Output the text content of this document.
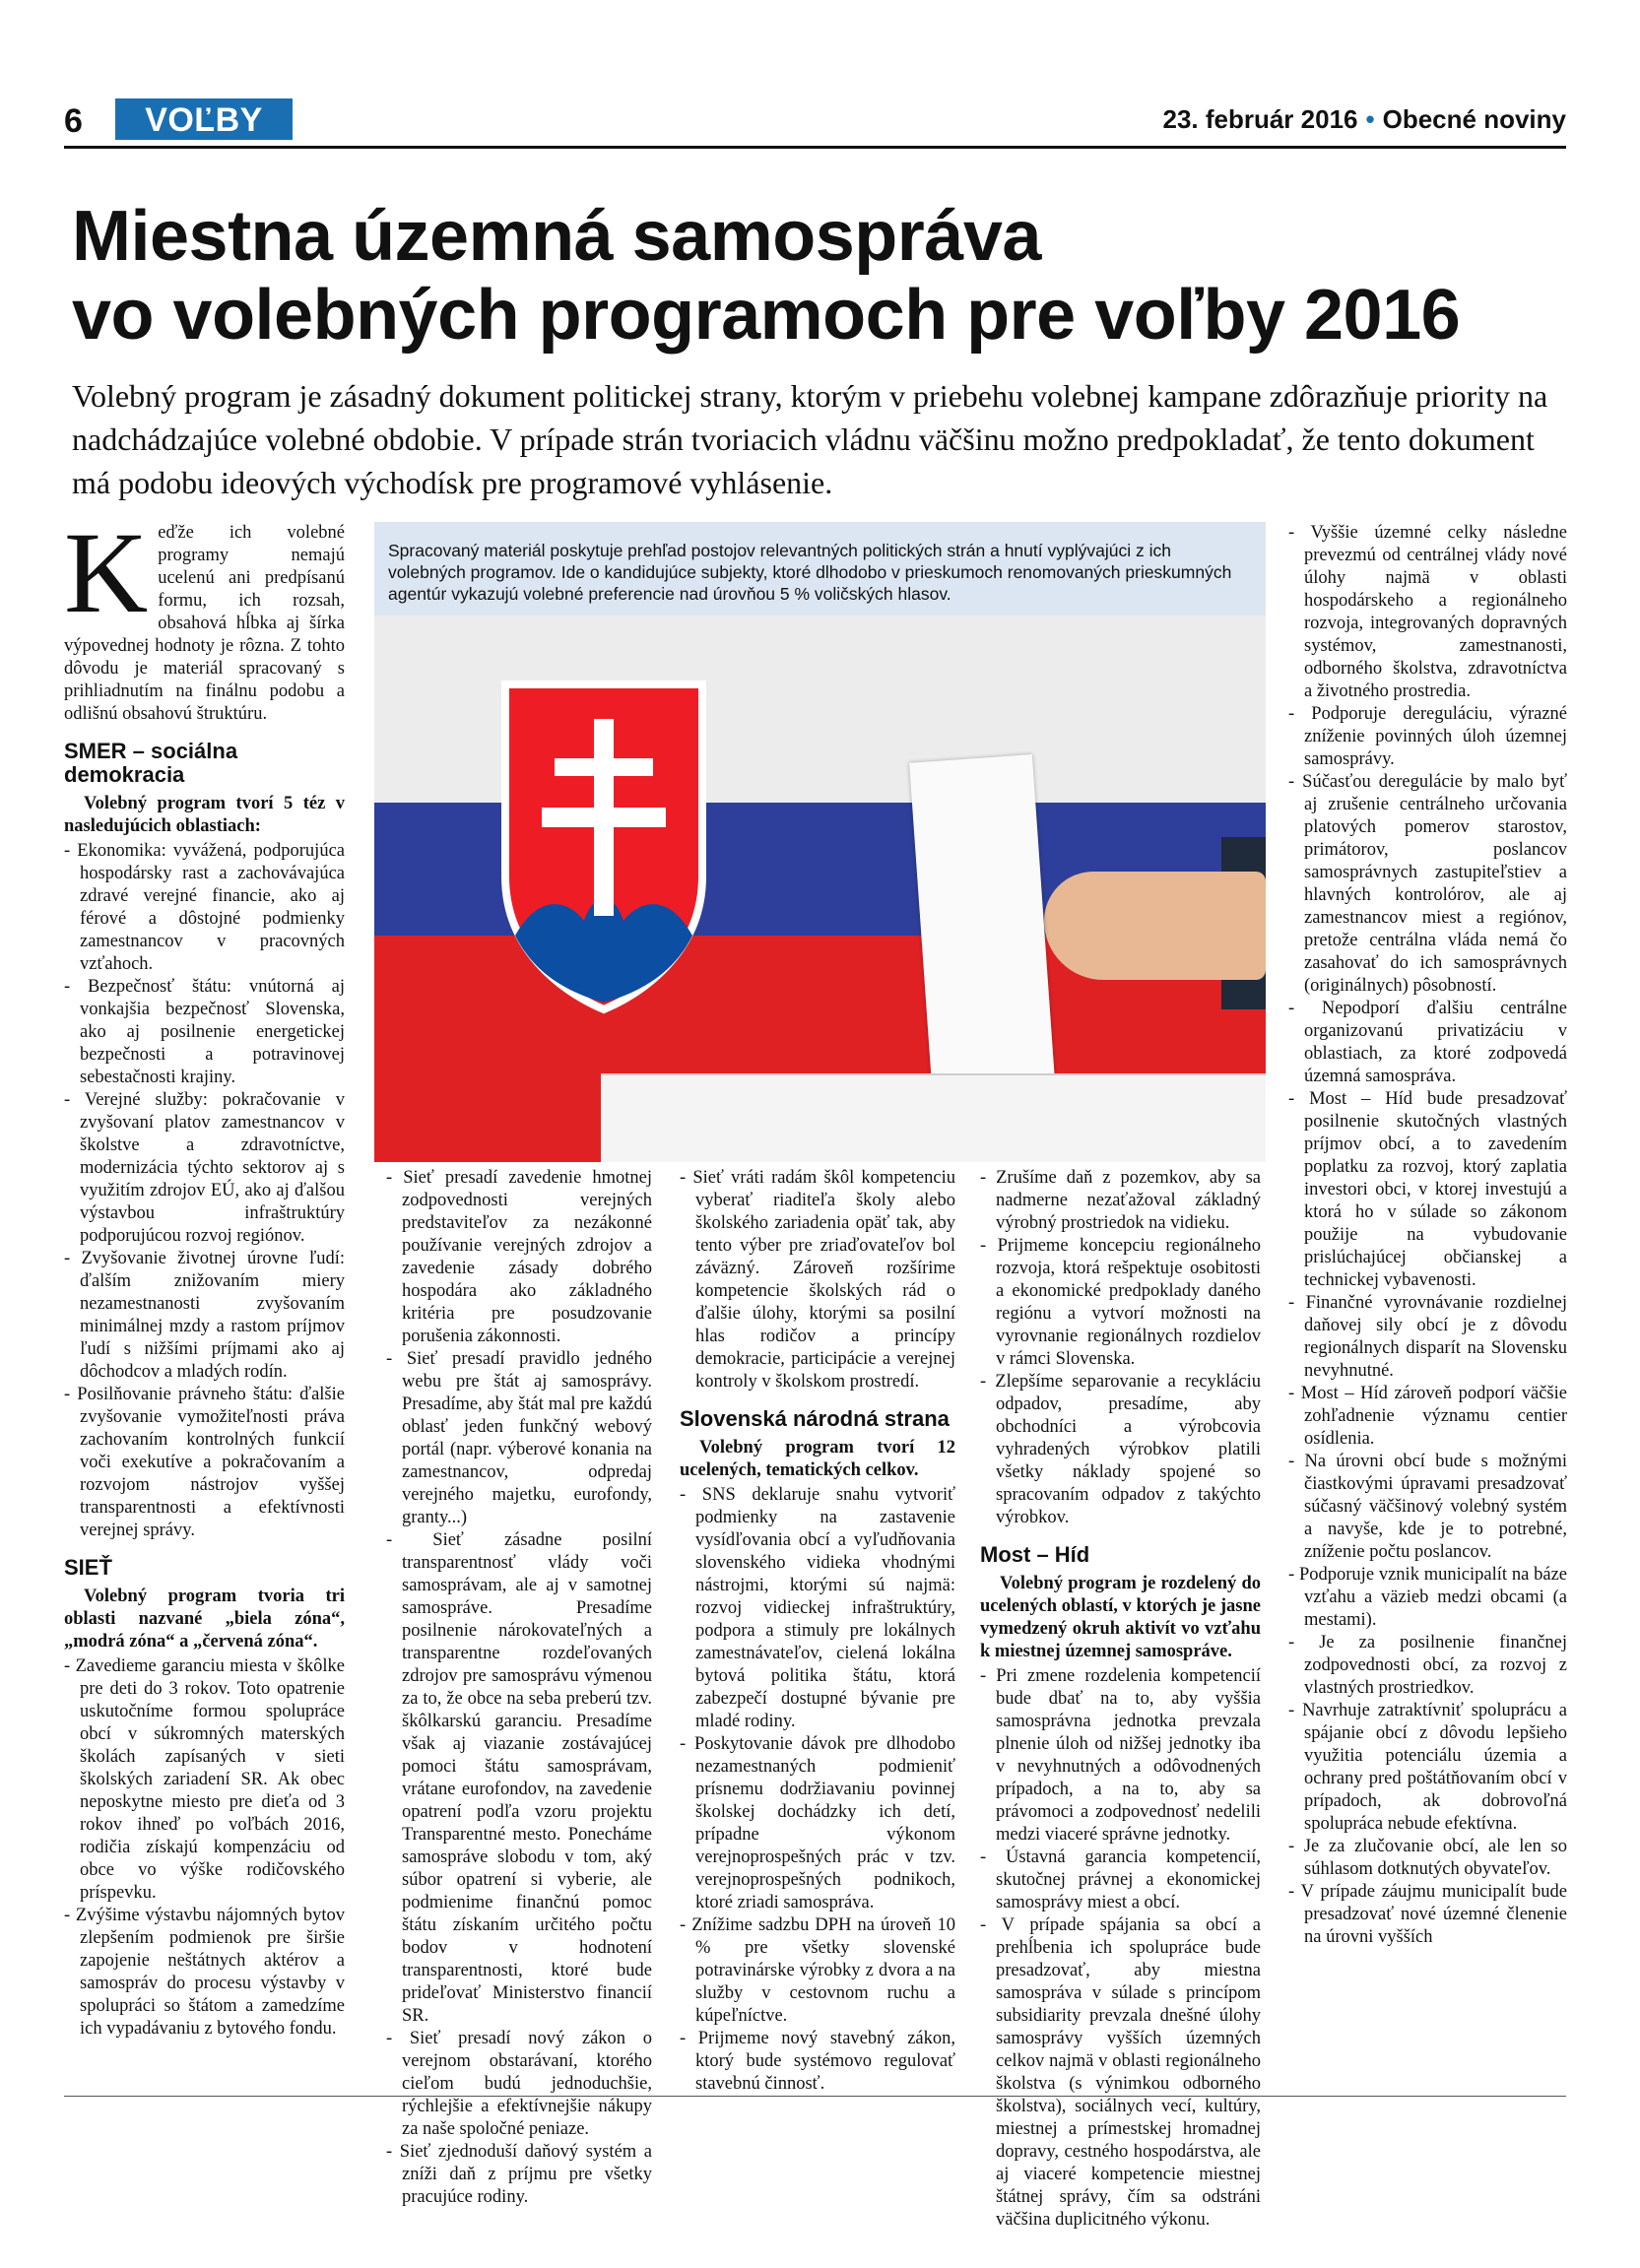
6	VOĽBY	23. február 2016 • Obecné noviny
Miestna územná samospráva
vo volebných programoch pre voľby 2016
Volebný program je zásadný dokument politickej strany, ktorým v priebehu volebnej kampane zdôrazňuje priority na nadchádzajúce volebné obdobie. V prípade strán tvoriacich vládnu väčšinu možno predpokladať, že tento dokument má podobu ideových východísk pre programové vyhlásenie.

Keďže ich volebné programy nemajú ucelenú ani predpísanú formu, ich rozsah, obsahová hĺbka aj šírka výpovednej hodnoty je rôzna. Z tohto dôvodu je materiál spracovaný s prihliadnutím na finálnu podobu a odlišnú obsahovú štruktúru.

SMER – sociálna demokracia

Volebný program tvorí 5 téz v nasledujúcich oblastiach:

- Ekonomika: vyvážená, podporujúca hospodársky rast a zachovávajúca zdravé verejné financie, ako aj férové a dôstojné podmienky zamestnancov v pracovných vzťahoch.
- Bezpečnosť štátu: vnútorná aj vonkajšia bezpečnosť Slovenska, ako aj posilnenie energetickej bezpečnosti a potravinovej sebestačnosti krajiny.
- Verejné služby: pokračovanie v zvyšovaní platov zamestnancov v školstve a zdravotníctve, modernizácia týchto sektorov aj s využitím zdrojov EÚ, ako aj ďalšou výstavbou infraštruktúry podporujúcou rozvoj regiónov.
- Zvyšovanie životnej úrovne ľudí: ďalším znižovaním miery nezamestnanosti zvyšovaním minimálnej mzdy a rastom príjmov ľudí s nižšími príjmami ako aj dôchodcov a mladých rodín.
- Posilňovanie právneho štátu: ďalšie zvyšovanie vymožiteľnosti práva zachovaním kontrolných funkcií voči exekutíve a pokračovaním a rozvojom nástrojov vyššej transparentnosti a efektívnosti verejnej správy.
SIEŤ

Volebný program tvoria tri oblasti nazvané „biela zóna“, „modrá zóna“ a „červená zóna“.

- Zavedieme garanciu miesta v škôlke pre deti do 3 rokov. Toto opatrenie uskutočníme formou spolupráce obcí v súkromných materských školách zapísaných v sieti školských zariadení SR. Ak obec neposkytne miesto pre dieťa od 3 rokov ihneď po voľbách 2016, rodičia získajú kompenzáciu od obce vo výške rodičovského príspevku.
- Zvýšime výstavbu nájomných bytov zlepšením podmienok pre širšie zapojenie neštátnych aktérov a samospráv do procesu výstavby v spolupráci so štátom a zamedzíme ich vypadávaniu z bytového fondu.
Spracovaný materiál poskytuje prehľad postojov relevantných politických strán a hnutí vyplývajúci z ich volebných programov. Ide o kandidujúce subjekty, ktoré dlhodobo v prieskumoch renomovaných prieskumných agentúr vykazujú volebné preferencie nad úrovňou 5 % voličských hlasov.
- Sieť presadí zavedenie hmotnej zodpovednosti verejných predstaviteľov za nezákonné používanie verejných zdrojov a zavedenie zásady dobrého hospodára ako základného kritéria pre posudzovanie porušenia zákonnosti.
- Sieť presadí pravidlo jedného webu pre štát aj samosprávy. Presadíme, aby štát mal pre každú oblasť jeden funkčný webový portál (napr. výberové konania na zamestnancov, odpredaj verejného majetku, eurofondy, granty...)
- Sieť zásadne posilní transparentnosť vlády voči samosprávam, ale aj v samotnej samospráve. Presadíme posilnenie nárokovateľných a transparentne rozdeľovaných zdrojov pre samosprávu výmenou za to, že obce na seba preberú tzv. škôlkarskú garanciu. Presadíme však aj viazanie zostávajúcej pomoci štátu samosprávam, vrátane eurofondov, na zavedenie opatrení podľa vzoru projektu Transparentné mesto. Ponecháme samospráve slobodu v tom, aký súbor opatrení si vyberie, ale podmienime finančnú pomoc štátu získaním určitého počtu bodov v hodnotení transparentnosti, ktoré bude prideľovať Ministerstvo financií SR.
- Sieť presadí nový zákon o verejnom obstarávaní, ktorého cieľom budú jednoduchšie, rýchlejšie a efektívnejšie nákupy za naše spoločné peniaze.
- Sieť zjednoduší daňový systém a zníži daň z príjmu pre všetky pracujúce rodiny.
- Sieť vráti radám škôl kompetenciu vyberať riaditeľa školy alebo školského zariadenia opäť tak, aby tento výber pre zriaďovateľov bol záväzný. Zároveň rozšírime kompetencie školských rád o ďalšie úlohy, ktorými sa posilní hlas rodičov a princípy demokracie, participácie a verejnej kontroly v školskom prostredí.
Slovenská národná strana

Volebný program tvorí 12 ucelených, tematických celkov.

- SNS deklaruje snahu vytvoriť podmienky na zastavenie vysídľovania obcí a vyľudňovania slovenského vidieka vhodnými nástrojmi, ktorými sú najmä: rozvoj vidieckej infraštruktúry, podpora a stimuly pre lokálnych zamestnávateľov, cielená lokálna bytová politika štátu, ktorá zabezpečí dostupné bývanie pre mladé rodiny.
- Poskytovanie dávok pre dlhodobo nezamestnaných podmieniť prísnemu dodržiavaniu povinnej školskej dochádzky ich detí, prípadne výkonom verejnoprospešných prác v tzv. verejnoprospešných podnikoch, ktoré zriadi samospráva.
- Znížime sadzbu DPH na úroveň 10 % pre všetky slovenské potravinárske výrobky z dvora a na služby v cestovnom ruchu a kúpeľníctve.
- Prijmeme nový stavebný zákon, ktorý bude systémovo regulovať stavebnú činnosť.
- Zrušíme daň z pozemkov, aby sa nadmerne nezaťažoval základný výrobný prostriedok na vidieku.
- Prijmeme koncepciu regionálneho rozvoja, ktorá rešpektuje osobitosti a ekonomické predpoklady daného regiónu a vytvorí možnosti na vyrovnanie regionálnych rozdielov v rámci Slovenska.
- Zlepšíme separovanie a recykláciu odpadov, presadíme, aby obchodníci a výrobcovia vyhradených výrobkov platili všetky náklady spojené so spracovaním odpadov z takýchto výrobkov.
Most – Híd

Volebný program je rozdelený do ucelených oblastí, v ktorých je jasne vymedzený okruh aktivít vo vzťahu k miestnej územnej samospráve.

- Pri zmene rozdelenia kompetencií bude dbať na to, aby vyššia samosprávna jednotka prevzala plnenie úloh od nižšej jednotky iba v nevyhnutných a odôvodnených prípadoch, a na to, aby sa právomoci a zodpovednosť nedelili medzi viaceré správne jednotky.
- Ústavná garancia kompetencií, skutočnej právnej a ekonomickej samosprávy miest a obcí.
- V prípade spájania sa obcí a prehĺbenia ich spolupráce bude presadzovať, aby miestna samospráva v súlade s princípom subsidiarity prevzala dnešné úlohy samosprávy vyšších územných celkov najmä v oblasti regionálneho školstva (s výnimkou odborného školstva), sociálnych vecí, kultúry, miestnej a prímestskej hromadnej dopravy, cestného hospodárstva, ale aj viaceré kompetencie miestnej štátnej správy, čím sa odstráni väčšina duplicitného výkonu.
- Vyššie územné celky následne prevezmú od centrálnej vlády nové úlohy najmä v oblasti hospodárskeho a regionálneho rozvoja, integrovaných dopravných systémov, zamestnanosti, odborného školstva, zdravotníctva a životného prostredia.
- Podporuje dereguláciu, výrazné zníženie povinných úloh územnej samosprávy.
- Súčasťou deregulácie by malo byť aj zrušenie centrálneho určovania platových pomerov starostov, primátorov, poslancov samosprávnych zastupiteľstiev a hlavných kontrolórov, ale aj zamestnancov miest a regiónov, pretože centrálna vláda nemá čo zasahovať do ich samosprávnych (originálnych) pôsobností.
- Nepodporí ďalšiu centrálne organizovanú privatizáciu v oblastiach, za ktoré zodpovedá územná samospráva.
- Most – Híd bude presadzovať posilnenie skutočných vlastných príjmov obcí, a to zavedením poplatku za rozvoj, ktorý zaplatia investori obci, v ktorej investujú a ktorá ho v súlade so zákonom použije na vybudovanie prislúchajúcej občianskej a technickej vybavenosti.
- Finančné vyrovnávanie rozdielnej daňovej sily obcí je z dôvodu regionálnych disparít na Slovensku nevyhnutné.
- Most – Híd zároveň podporí väčšie zohľadnenie významu centier osídlenia.
- Na úrovni obcí bude s možnými čiastkovými úpravami presadzovať súčasný väčšinový volebný systém a navyše, kde je to potrebné, zníženie počtu poslancov.
- Podporuje vznik municipalít na báze vzťahu a väzieb medzi obcami (a mestami).
- Je za posilnenie finančnej zodpovednosti obcí, za rozvoj z vlastných prostriedkov.
- Navrhuje zatraktívniť spoluprácu a spájanie obcí z dôvodu lepšieho využitia potenciálu územia a ochrany pred poštátňovaním obcí v prípadoch, ak dobrovoľná spolupráca nebude efektívna.
- Je za zlučovanie obcí, ale len so súhlasom dotknutých obyvateľov.
- V prípade záujmu municipalít bude presadzovať nové územné členenie na úrovni vyšších
